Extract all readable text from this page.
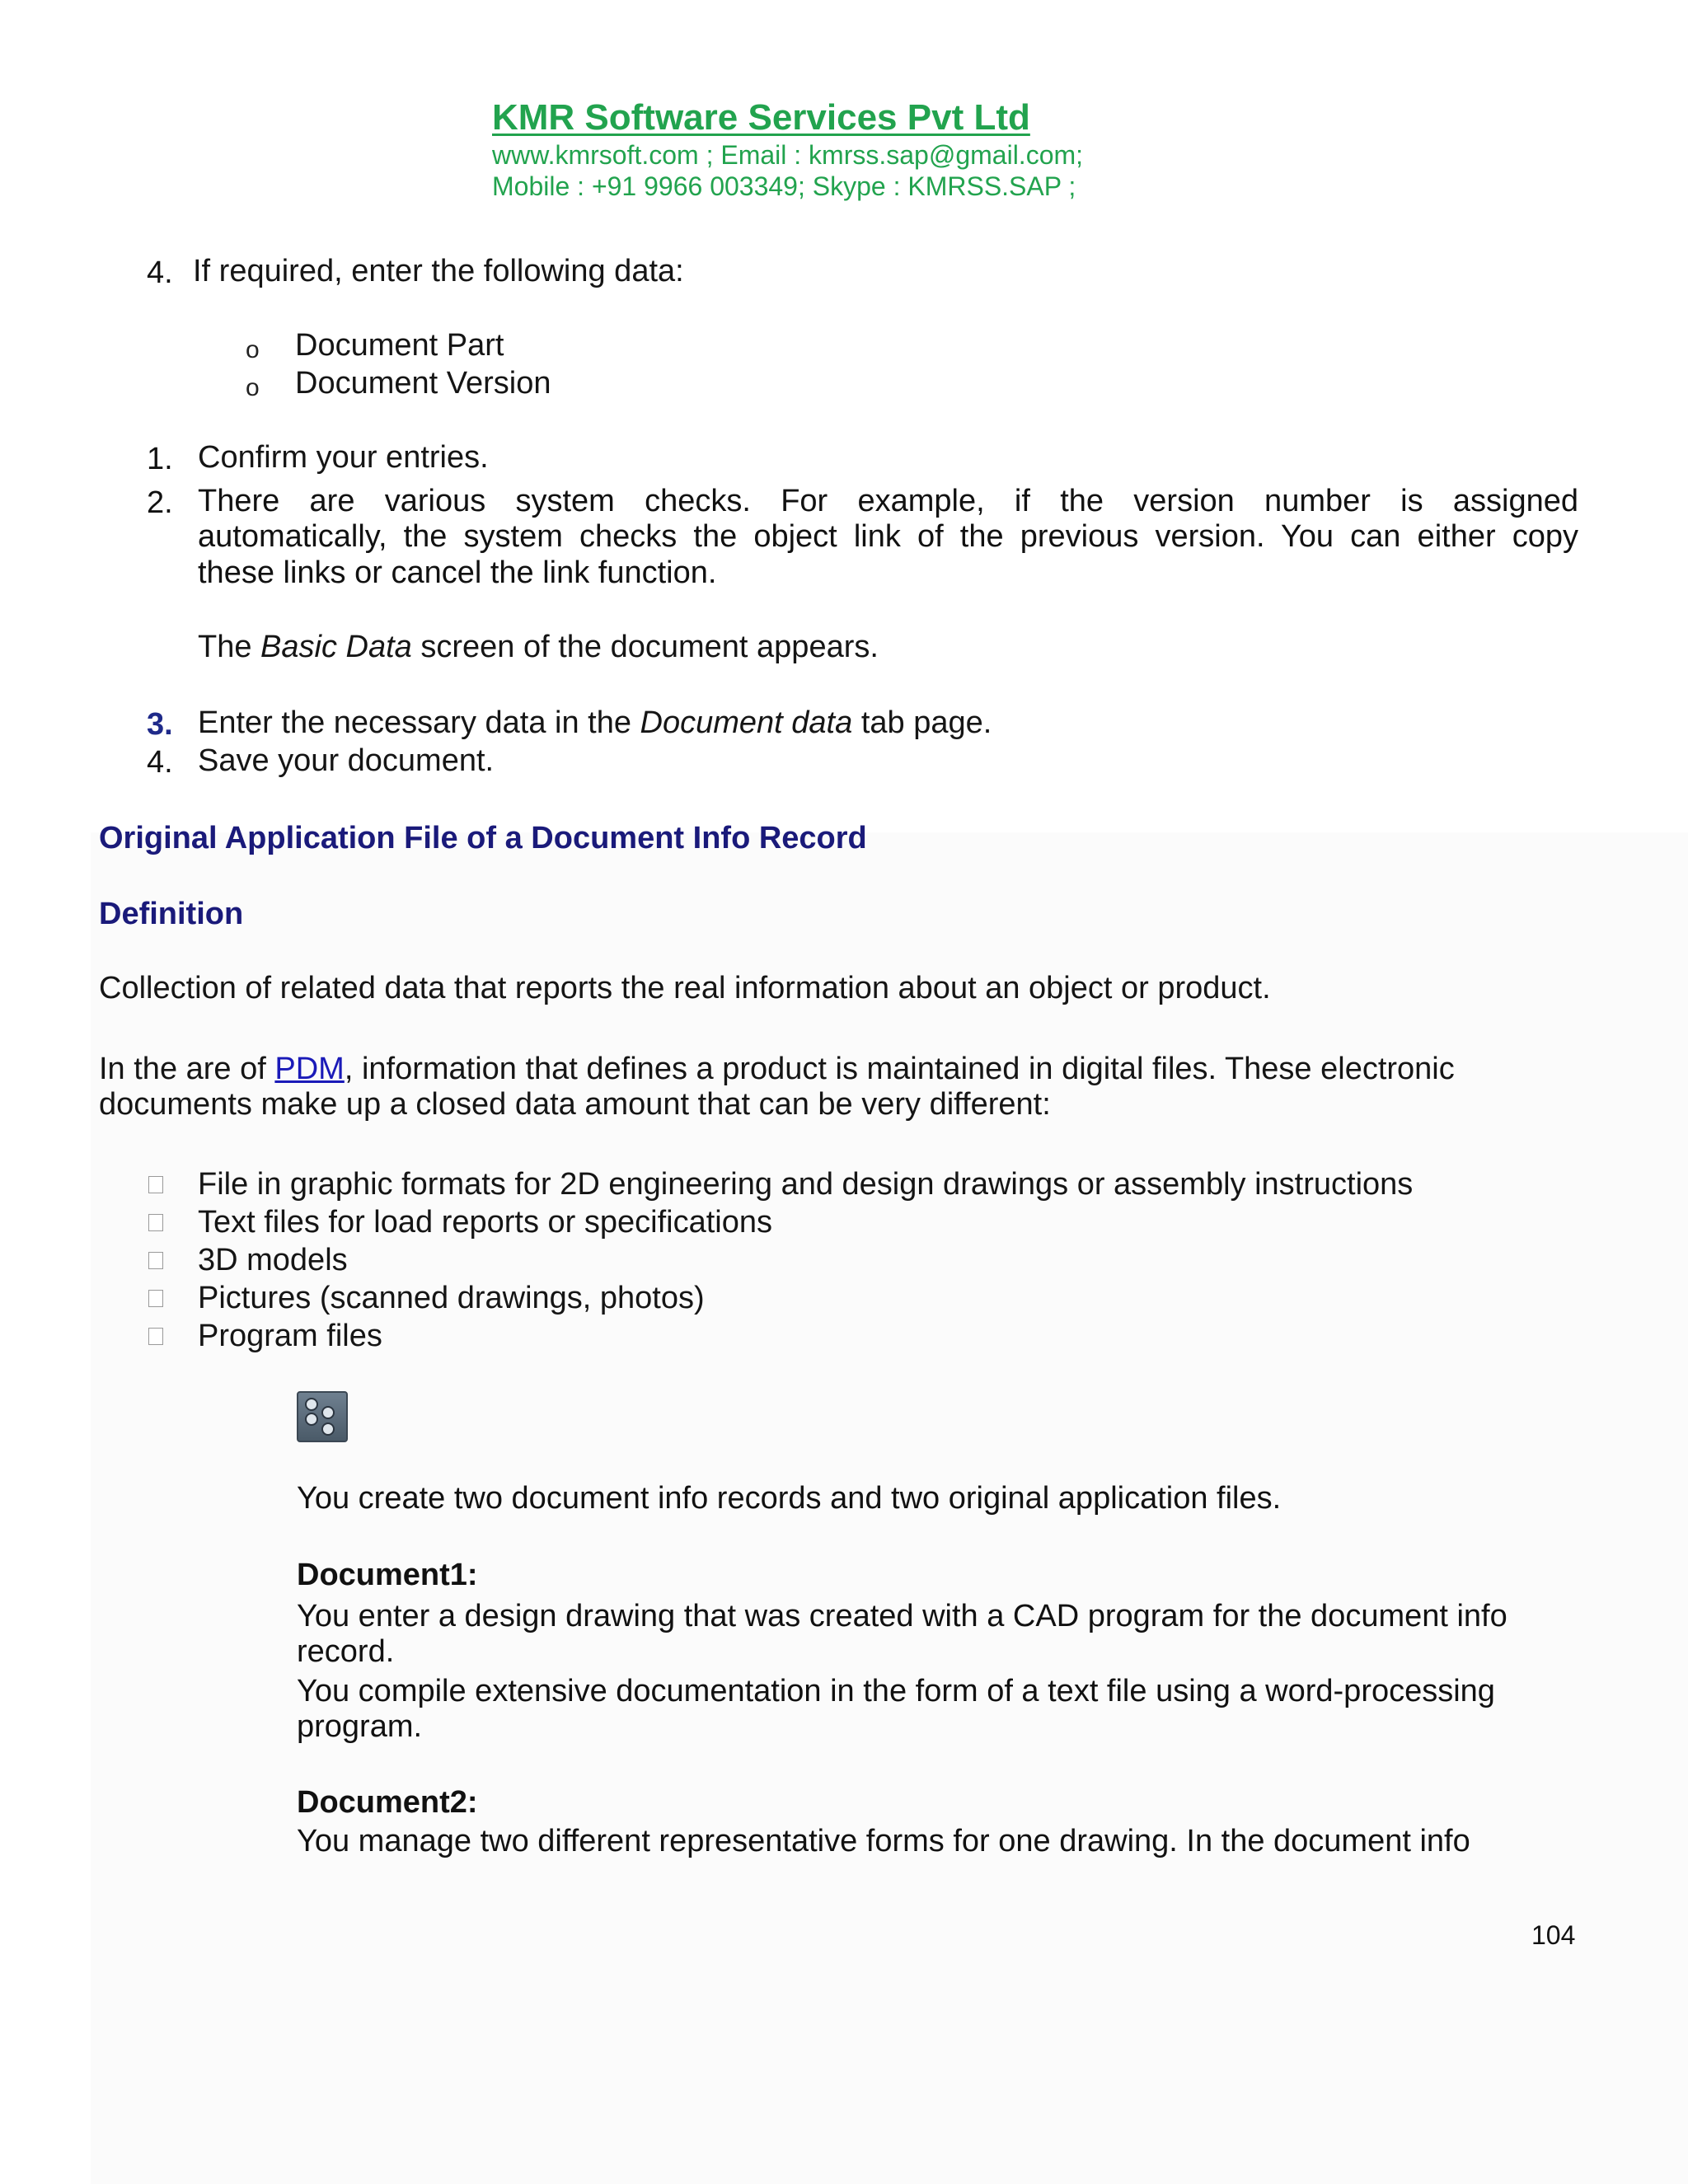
KMR Software Services Pvt Ltd
www.kmrsoft.com ; Email : kmrss.sap@gmail.com;
Mobile : +91 9966 003349; Skype : KMRSS.SAP ;
4. If required, enter the following data:
o Document Part
o Document Version
1. Confirm your entries.
2. There are various system checks. For example, if the version number is assigned
automatically, the system checks the object link of the previous version. You can either copy
these links or cancel the link function.
The Basic Data screen of the document appears.
3. Enter the necessary data in the Document data tab page.
4. Save your document.
Original Application File of a Document Info Record
Definition
Collection of related data that reports the real information about an object or product.
In the are of PDM, information that defines a product is maintained in digital files. These electronic
documents make up a closed data amount that can be very different:
File in graphic formats for 2D engineering and design drawings or assembly instructions
Text files for load reports or specifications
3D models
Pictures (scanned drawings, photos)
Program files
You create two document info records and two original application files.
Document1:
You enter a design drawing that was created with a CAD program for the document info
record.
You compile extensive documentation in the form of a text file using a word-processing
program.
Document2:
You manage two different representative forms for one drawing. In the document info
104
